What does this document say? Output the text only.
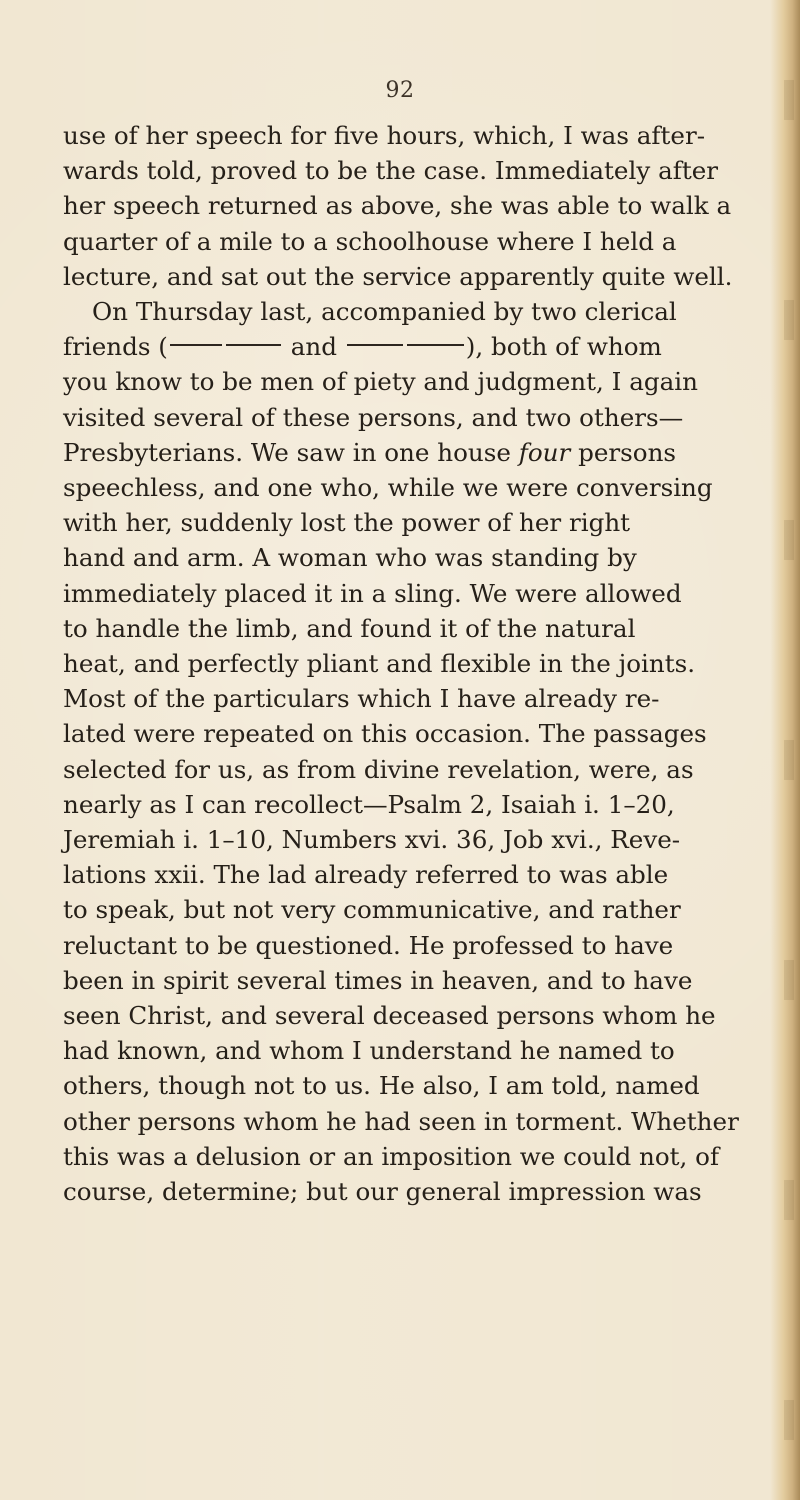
92
use of her speech for five hours, which, I was after-
wards told, proved to be the case. Immediately after
her speech returned as above, she was able to walk a
quarter of a mile to a schoolhouse where I held a
lecture, and sat out the service apparently quite well.
On Thursday last, accompanied by two clerical
friends (	and	), both of whom
you know to be men of piety and judgment, I again
visited several of these persons, and two others—
Presbyterians. We saw in one house four persons
speechless, and one who, while we were conversing
with her, suddenly lost the power of her right
hand and arm. A woman who was standing by
immediately placed it in a sling. We were allowed
to handle the limb, and found it of the natural
heat, and perfectly pliant and flexible in the joints.
Most of the particulars which I have already re-
lated were repeated on this occasion. The passages
selected for us, as from divine revelation, were, as
nearly as I can recollect—Psalm 2, Isaiah i. 1–20,
Jeremiah i. 1–10, Numbers xvi. 36, Job xvi., Reve-
lations xxii. The lad already referred to was able
to speak, but not very communicative, and rather
reluctant to be questioned. He professed to have
been in spirit several times in heaven, and to have
seen Christ, and several deceased persons whom he
had known, and whom I understand he named to
others, though not to us. He also, I am told, named
other persons whom he had seen in torment. Whether
this was a delusion or an imposition we could not, of
course, determine; but our general impression was
